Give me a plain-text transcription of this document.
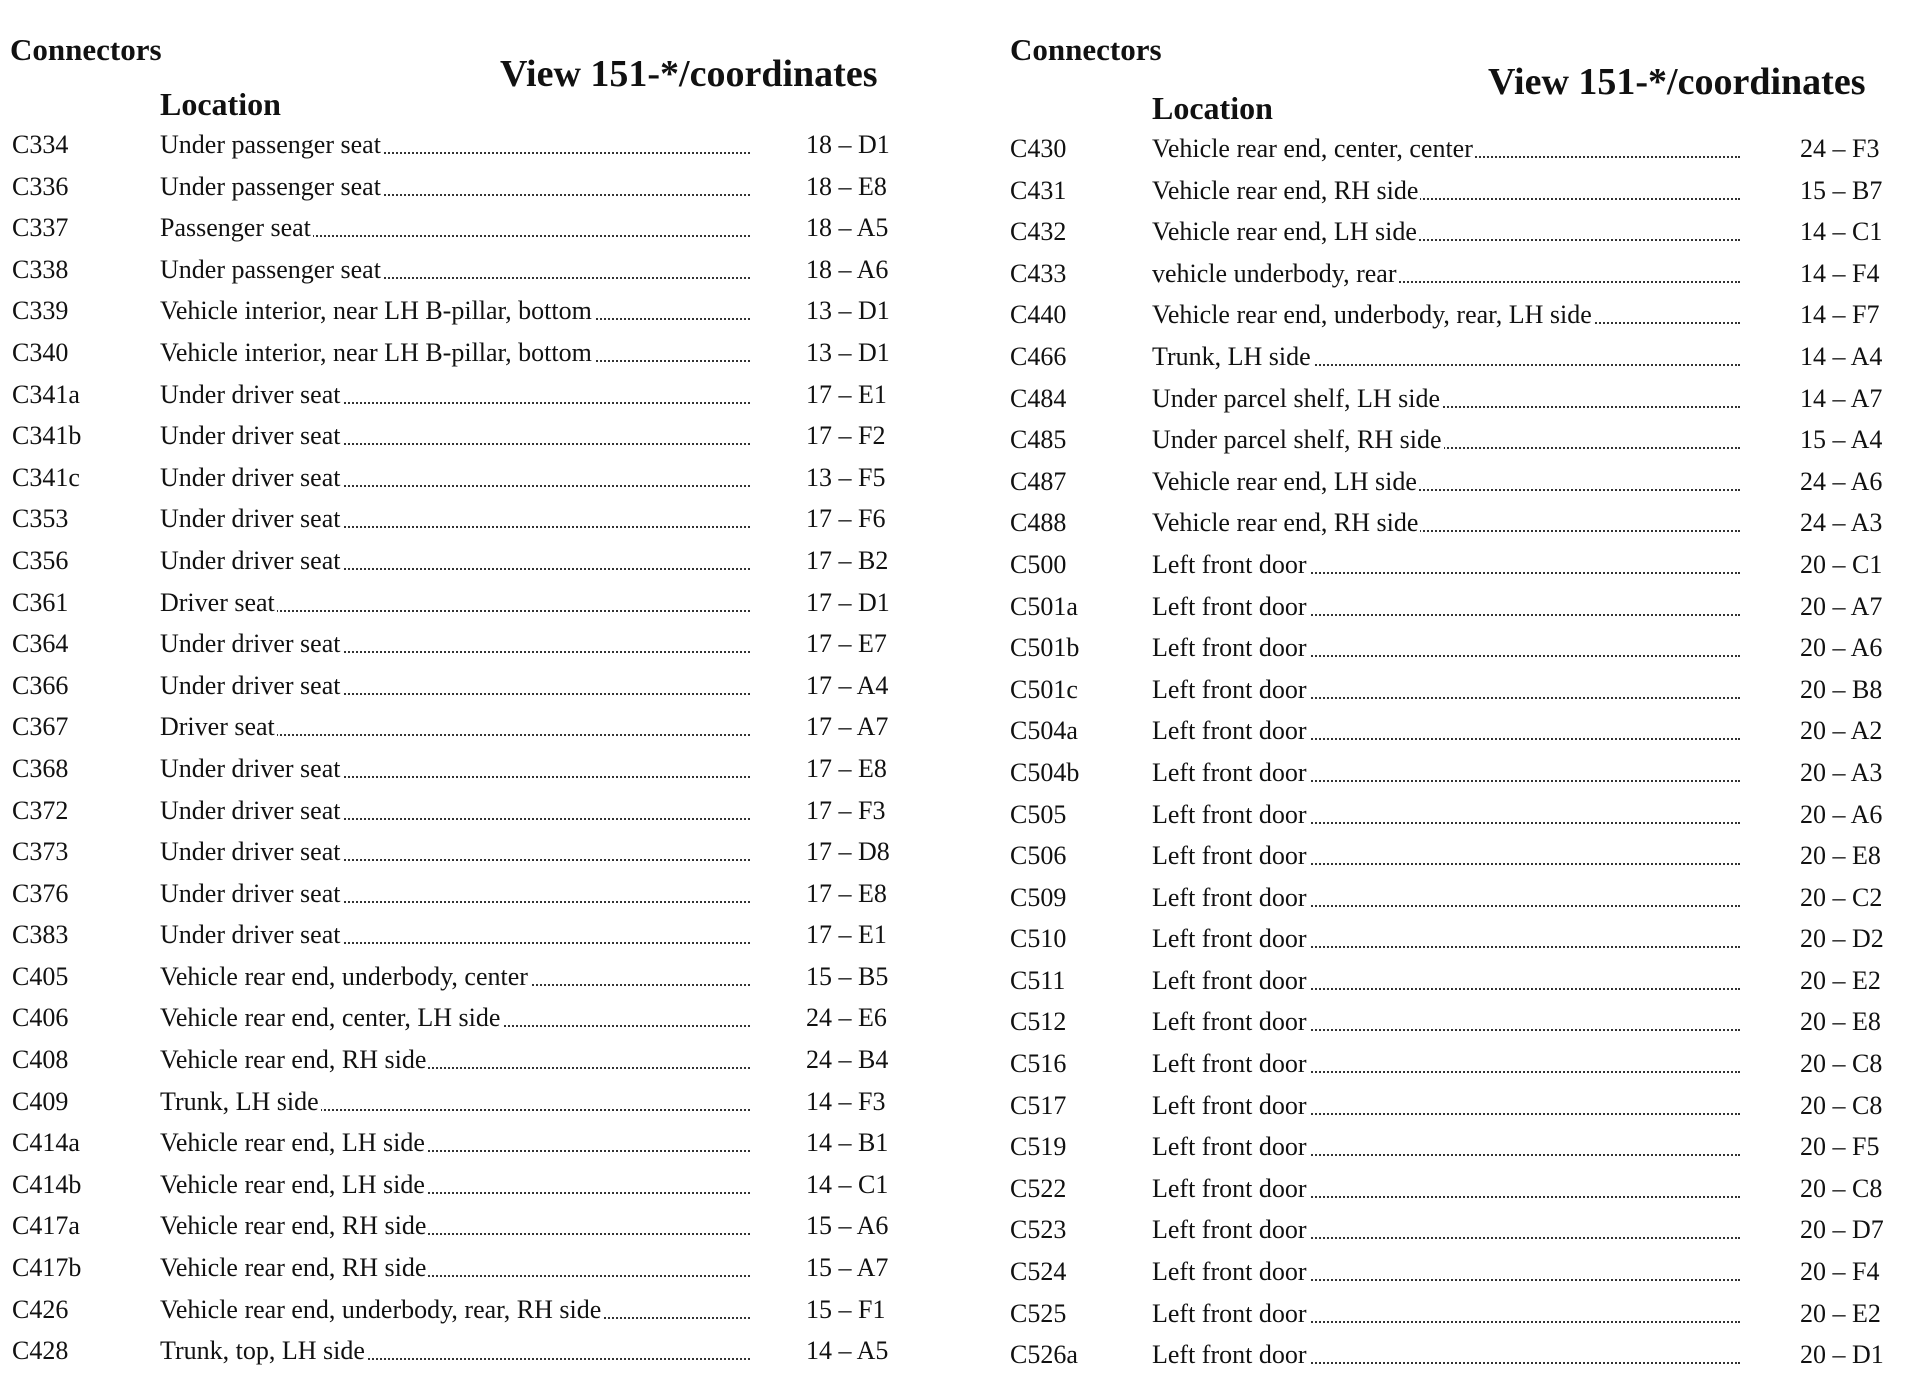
Connectors
View 151-*/coordinates
Location
C334	Under passenger seat	18 – D1
C336	Under passenger seat	18 – E8
C337	Passenger seat	18 – A5
C338	Under passenger seat	18 – A6
C339	Vehicle interior, near LH B-pillar, bottom	13 – D1
C340	Vehicle interior, near LH B-pillar, bottom	13 – D1
C341a	Under driver seat	17 – E1
C341b	Under driver seat	17 – F2
C341c	Under driver seat	13 – F5
C353	Under driver seat	17 – F6
C356	Under driver seat	17 – B2
C361	Driver seat	17 – D1
C364	Under driver seat	17 – E7
C366	Under driver seat	17 – A4
C367	Driver seat	17 – A7
C368	Under driver seat	17 – E8
C372	Under driver seat	17 – F3
C373	Under driver seat	17 – D8
C376	Under driver seat	17 – E8
C383	Under driver seat	17 – E1
C405	Vehicle rear end, underbody, center	15 – B5
C406	Vehicle rear end, center, LH side	24 – E6
C408	Vehicle rear end, RH side	24 – B4
C409	Trunk, LH side	14 – F3
C414a	Vehicle rear end, LH side	14 – B1
C414b	Vehicle rear end, LH side	14 – C1
C417a	Vehicle rear end, RH side	15 – A6
C417b	Vehicle rear end, RH side	15 – A7
C426	Vehicle rear end, underbody, rear, RH side	15 – F1
C428	Trunk, top, LH side	14 – A5
Connectors
View 151-*/coordinates
Location
C430	Vehicle rear end, center, center	24 – F3
C431	Vehicle rear end, RH side	15 – B7
C432	Vehicle rear end, LH side	14 – C1
C433	vehicle underbody, rear	14 – F4
C440	Vehicle rear end, underbody, rear, LH side	14 – F7
C466	Trunk, LH side	14 – A4
C484	Under parcel shelf, LH side	14 – A7
C485	Under parcel shelf, RH side	15 – A4
C487	Vehicle rear end, LH side	24 – A6
C488	Vehicle rear end, RH side	24 – A3
C500	Left front door	20 – C1
C501a	Left front door	20 – A7
C501b	Left front door	20 – A6
C501c	Left front door	20 – B8
C504a	Left front door	20 – A2
C504b	Left front door	20 – A3
C505	Left front door	20 – A6
C506	Left front door	20 – E8
C509	Left front door	20 – C2
C510	Left front door	20 – D2
C511	Left front door	20 – E2
C512	Left front door	20 – E8
C516	Left front door	20 – C8
C517	Left front door	20 – C8
C519	Left front door	20 – F5
C522	Left front door	20 – C8
C523	Left front door	20 – D7
C524	Left front door	20 – F4
C525	Left front door	20 – E2
C526a	Left front door	20 – D1
